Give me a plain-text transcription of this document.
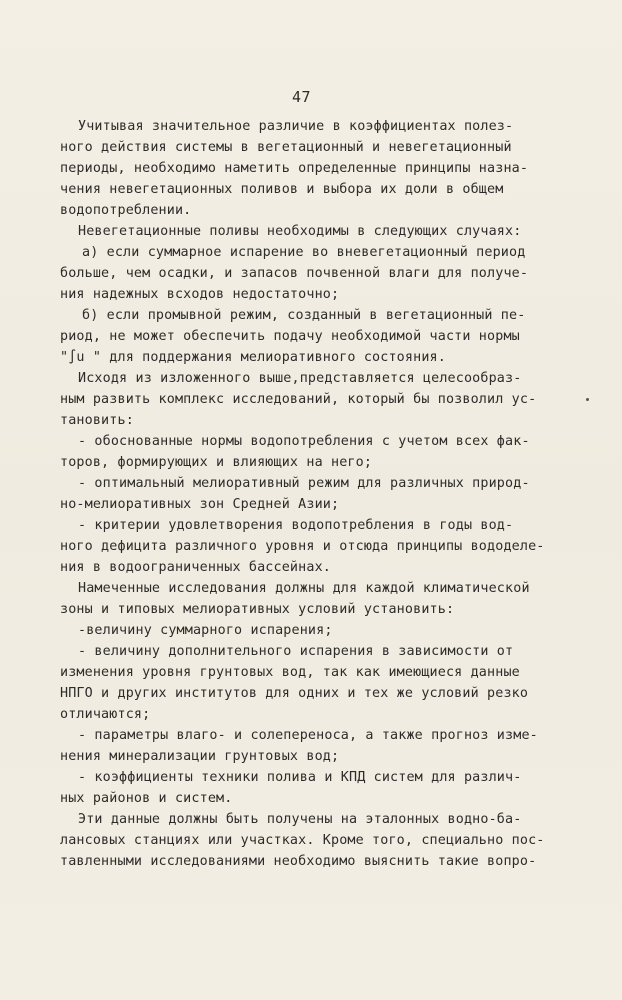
47
Учитывая значительное различие в коэффициентах полез-
ного действия системы в вегетационный и невегетационный
периоды, необходимо наметить определенные принципы назна-
чения невегетационных поливов и выбора их доли в общем
водопотреблении.
Невегетационные поливы необходимы в следующих случаях:
а) если суммарное испарение во вневегетационный период
больше, чем осадки, и запасов почвенной влаги для получе-
ния надежных всходов недостаточно;
б) если промывной режим, созданный в вегетационный пе-
риод, не может обеспечить подачу необходимой части нормы
"∫u " для поддержания мелиоративного состояния.
Исходя из изложенного выше,представляется целесообраз-
ным развить комплекс исследований, который бы позволил ус-
тановить:
- обоснованные нормы водопотребления с учетом всех фак-
торов, формирующих и влияющих на него;
- оптимальный мелиоративный режим для различных природ-
но-мелиоративных зон Средней Азии;
- критерии удовлетворения водопотребления в годы вод-
ного дефицита различного уровня и отсюда принципы вододеле-
ния в водоограниченных бассейнах.
Намеченные исследования должны для каждой климатической
зоны и типовых мелиоративных условий установить:
-величину суммарного испарения;
- величину дополнительного испарения в зависимости от
изменения уровня грунтовых вод, так как имеющиеся данные
НПГО и других институтов для одних и тех же условий резко
отличаются;
- параметры влаго- и солепереноса, а также прогноз изме-
нения минерализации грунтовых вод;
- коэффициенты техники полива и КПД систем для различ-
ных районов и систем.
Эти данные должны быть получены на эталонных водно-ба-
лансовых станциях или участках. Кроме того, специально пос-
тавленными исследованиями необходимо выяснить такие вопро-
